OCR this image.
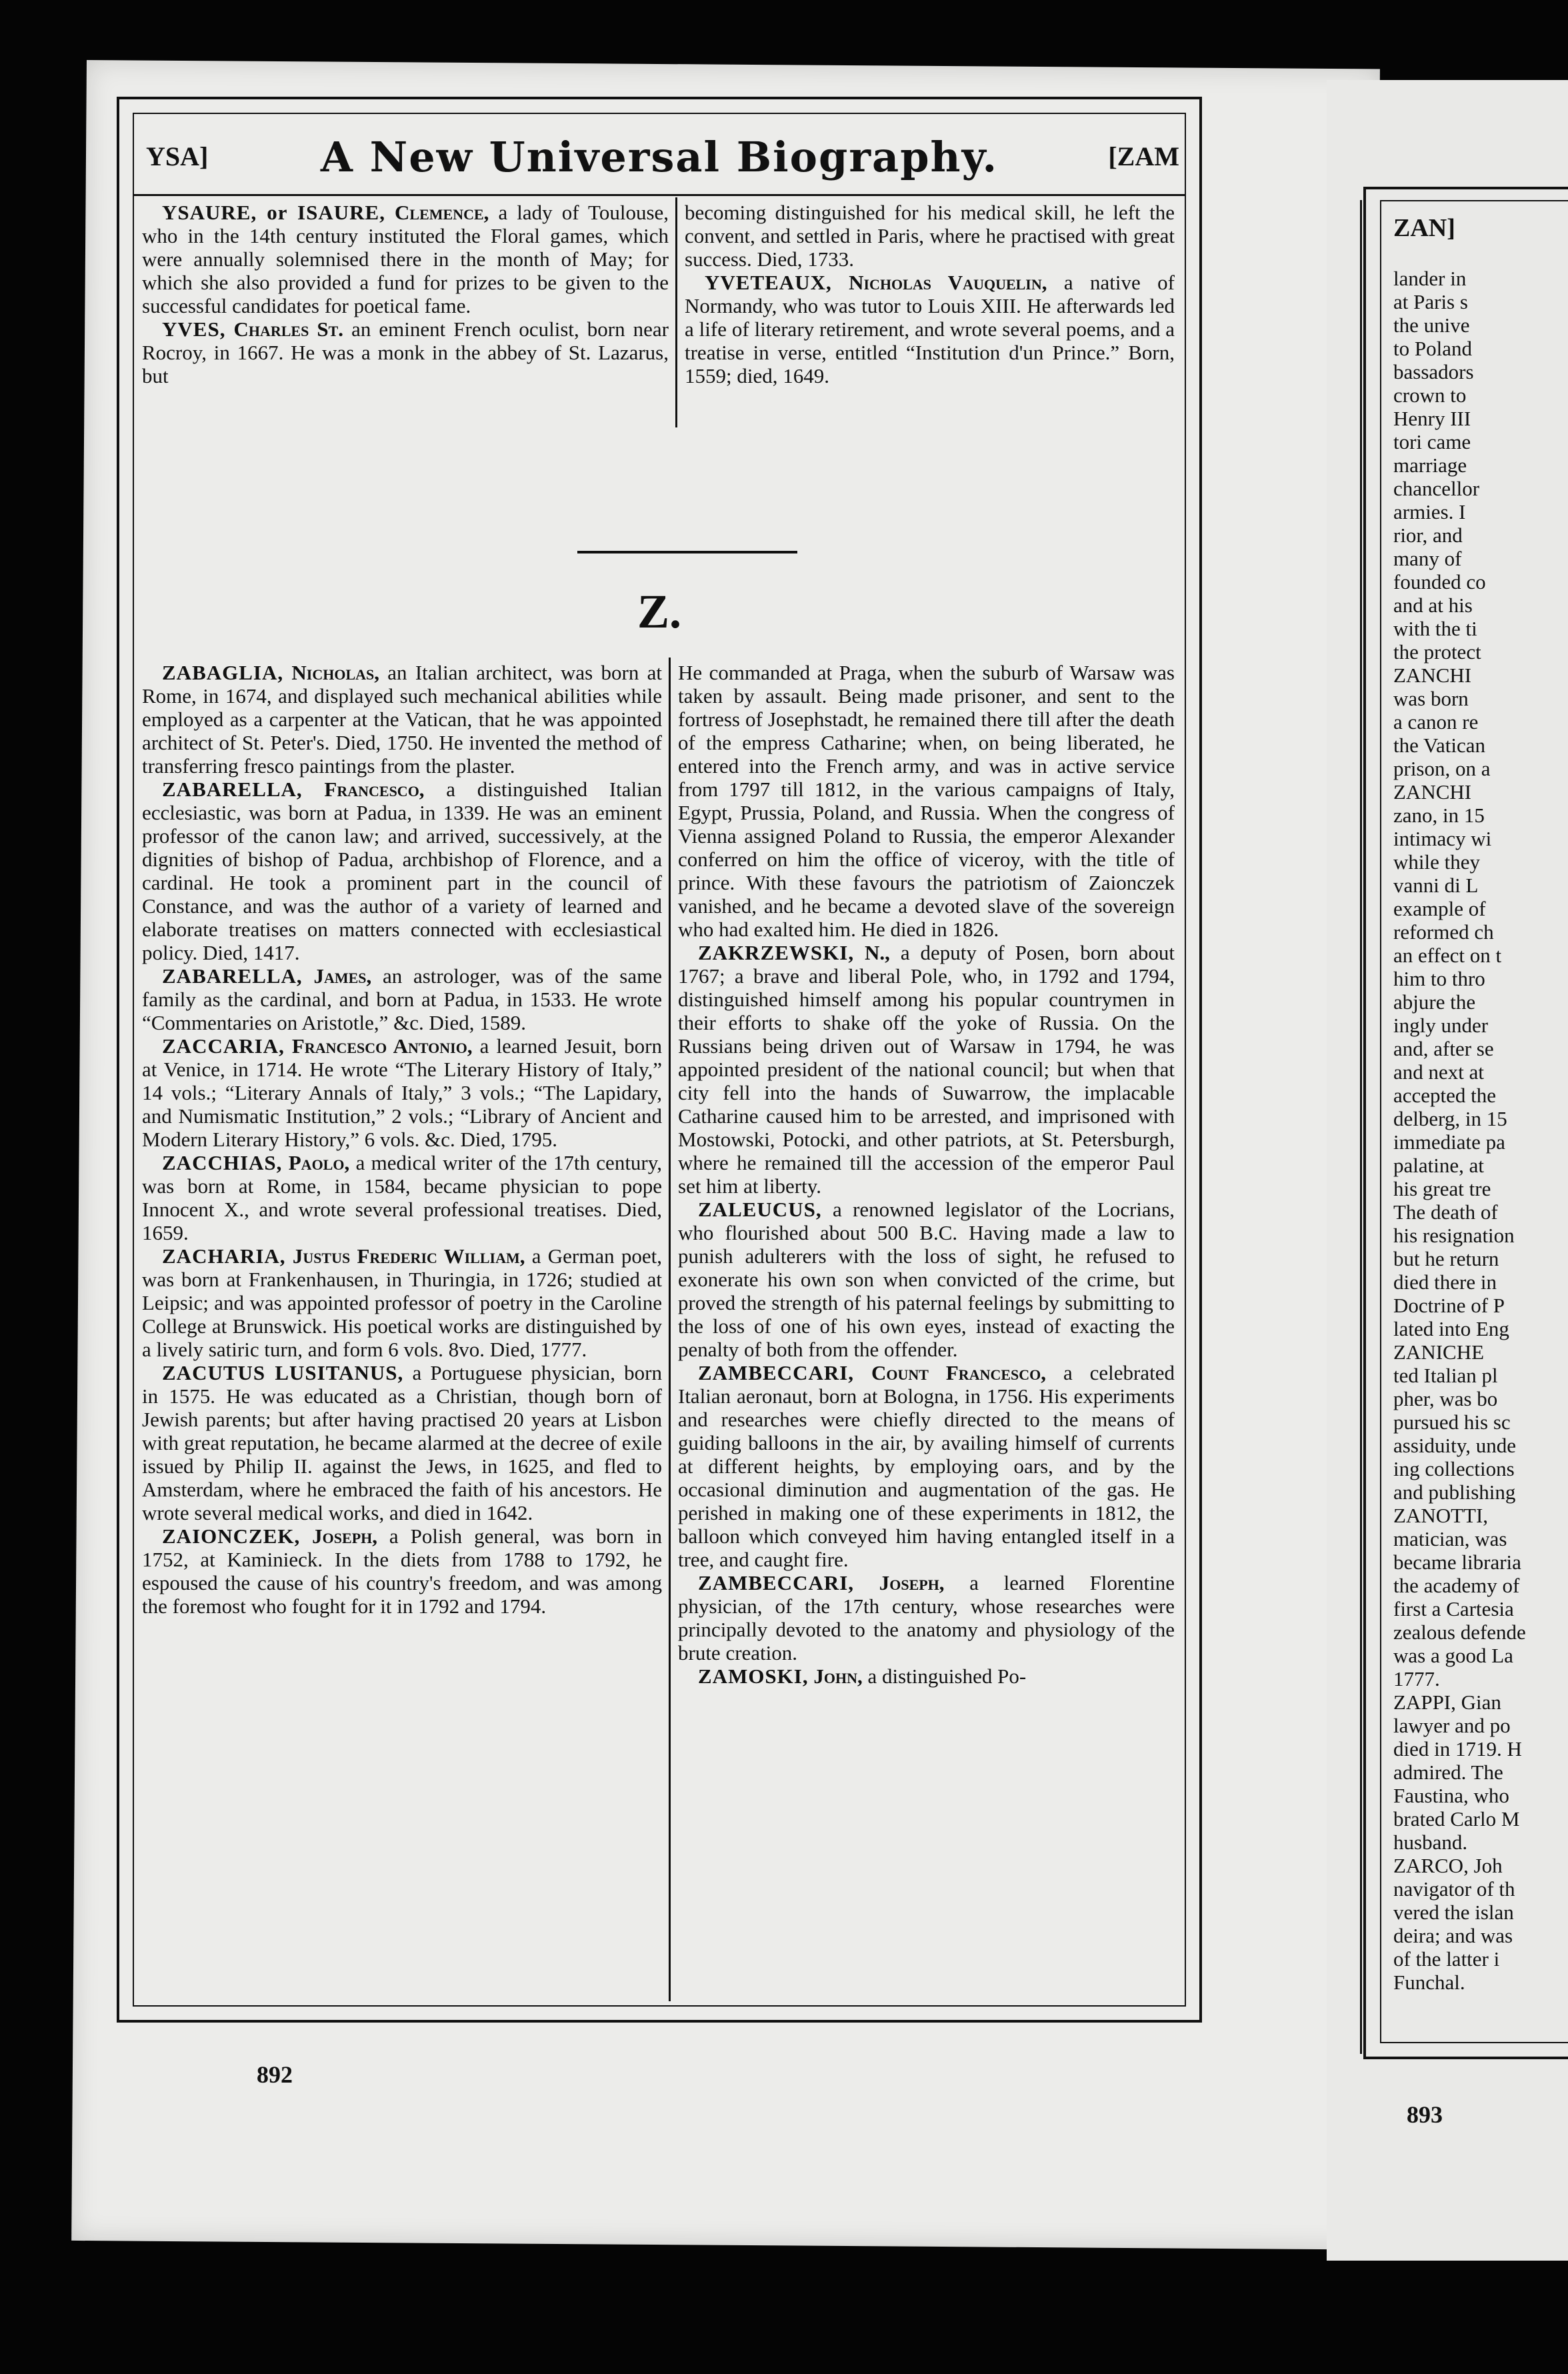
YSA]	A New Universal Biography.	[ZAM

YSAURE, or ISAURE, Clemence, a lady of Toulouse, who in the 14th century instituted the Floral games, which were annually solemnised there in the month of May; for which she also provided a fund for prizes to be given to the successful candidates for poetical fame.

YVES, Charles St. an eminent French oculist, born near Rocroy, in 1667. He was a monk in the abbey of St. Lazarus, but

becoming distinguished for his medical skill, he left the convent, and settled in Paris, where he practised with great success. Died, 1733.

YVETEAUX, Nicholas Vauquelin, a native of Normandy, who was tutor to Louis XIII. He afterwards led a life of literary retirement, and wrote several poems, and a treatise in verse, entitled “Institution d'un Prince.” Born, 1559; died, 1649.

Z.

ZABAGLIA, Nicholas, an Italian architect, was born at Rome, in 1674, and displayed such mechanical abilities while employed as a carpenter at the Vatican, that he was appointed architect of St. Peter's. Died, 1750. He invented the method of transferring fresco paintings from the plaster.

ZABARELLA, Francesco, a distinguished Italian ecclesiastic, was born at Padua, in 1339. He was an eminent professor of the canon law; and arrived, successively, at the dignities of bishop of Padua, archbishop of Florence, and a cardinal. He took a prominent part in the council of Constance, and was the author of a variety of learned and elaborate treatises on matters connected with ecclesiastical policy. Died, 1417.

ZABARELLA, James, an astrologer, was of the same family as the cardinal, and born at Padua, in 1533. He wrote “Commentaries on Aristotle,” &c. Died, 1589.

ZACCARIA, Francesco Antonio, a learned Jesuit, born at Venice, in 1714. He wrote “The Literary History of Italy,” 14 vols.; “Literary Annals of Italy,” 3 vols.; “The Lapidary, and Numismatic Institution,” 2 vols.; “Library of Ancient and Modern Literary History,” 6 vols. &c. Died, 1795.

ZACCHIAS, Paolo, a medical writer of the 17th century, was born at Rome, in 1584, became physician to pope Innocent X., and wrote several professional treatises. Died, 1659.

ZACHARIA, Justus Frederic William, a German poet, was born at Frankenhausen, in Thuringia, in 1726; studied at Leipsic; and was appointed professor of poetry in the Caroline College at Brunswick. His poetical works are distinguished by a lively satiric turn, and form 6 vols. 8vo. Died, 1777.

ZACUTUS LUSITANUS, a Portuguese physician, born in 1575. He was educated as a Christian, though born of Jewish parents; but after having practised 20 years at Lisbon with great reputation, he became alarmed at the decree of exile issued by Philip II. against the Jews, in 1625, and fled to Amsterdam, where he embraced the faith of his ancestors. He wrote several medical works, and died in 1642.

ZAIONCZEK, Joseph, a Polish general, was born in 1752, at Kaminieck. In the diets from 1788 to 1792, he espoused the cause of his country's freedom, and was among the foremost who fought for it in 1792 and 1794.

He commanded at Praga, when the suburb of Warsaw was taken by assault. Being made prisoner, and sent to the fortress of Josephstadt, he remained there till after the death of the empress Catharine; when, on being liberated, he entered into the French army, and was in active service from 1797 till 1812, in the various campaigns of Italy, Egypt, Prussia, Poland, and Russia. When the congress of Vienna assigned Poland to Russia, the emperor Alexander conferred on him the office of viceroy, with the title of prince. With these favours the patriotism of Zaionczek vanished, and he became a devoted slave of the sovereign who had exalted him. He died in 1826.

ZAKRZEWSKI, N., a deputy of Posen, born about 1767; a brave and liberal Pole, who, in 1792 and 1794, distinguished himself among his popular countrymen in their efforts to shake off the yoke of Russia. On the Russians being driven out of Warsaw in 1794, he was appointed president of the national council; but when that city fell into the hands of Suwarrow, the implacable Catharine caused him to be arrested, and imprisoned with Mostowski, Potocki, and other patriots, at St. Petersburgh, where he remained till the accession of the emperor Paul set him at liberty.

ZALEUCUS, a renowned legislator of the Locrians, who flourished about 500 B.C. Having made a law to punish adulterers with the loss of sight, he refused to exonerate his own son when convicted of the crime, but proved the strength of his paternal feelings by submitting to the loss of one of his own eyes, instead of exacting the penalty of both from the offender.

ZAMBECCARI, Count Francesco, a celebrated Italian aeronaut, born at Bologna, in 1756. His experiments and researches were chiefly directed to the means of guiding balloons in the air, by availing himself of currents at different heights, by employing oars, and by the occasional diminution and augmentation of the gas. He perished in making one of these experiments in 1812, the balloon which conveyed him having entangled itself in a tree, and caught fire.

ZAMBECCARI, Joseph, a learned Florentine physician, of the 17th century, whose researches were principally devoted to the anatomy and physiology of the brute creation.

ZAMOSKI, John, a distinguished Po-

892
ZAN]
lander in
at Paris s
the unive
to Poland
bassadors
crown to
Henry III
tori came
marriage
chancellor
armies. I
rior, and
many of
founded co
and at his
with the ti
the protect
ZANCHI
was born
a canon re
the Vatican
prison, on a
ZANCHI
zano, in 15
intimacy wi
while they
vanni di L
example of
reformed ch
an effect on t
him to thro
abjure the
ingly under
and, after se
and next at
accepted the
delberg, in 15
immediate pa
palatine, at
his great tre
The death of
his resignation
but he return
died there in
Doctrine of P
lated into Eng
ZANICHE
ted Italian pl
pher, was bo
pursued his sc
assiduity, unde
ing collections
and publishing
ZANOTTI,
matician, was
became libraria
the academy of
first a Cartesia
zealous defende
was a good La
1777.
ZAPPI, Gian
lawyer and po
died in 1719. H
admired. The
Faustina, who
brated Carlo M
husband.
ZARCO, Joh
navigator of th
vered the islan
deira; and was
of the latter i
Funchal.
893
